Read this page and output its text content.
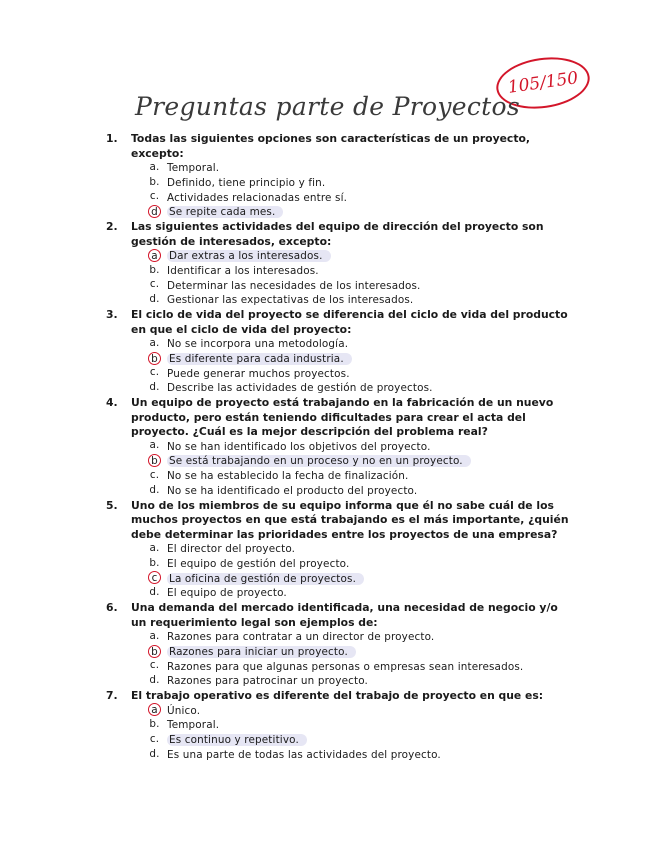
105/150
Preguntas parte de Proyectos
1. Todas las siguientes opciones son características de un proyecto, excepto:
a. Temporal.
b. Definido, tiene principio y fin.
c. Actividades relacionadas entre sí.
d Se repite cada mes.
2. Las siguientes actividades del equipo de dirección del proyecto son gestión de interesados, excepto:
a Dar extras a los interesados.
b. Identificar a los interesados.
c. Determinar las necesidades de los interesados.
d. Gestionar las expectativas de los interesados.
3. El ciclo de vida del proyecto se diferencia del ciclo de vida del producto en que el ciclo de vida del proyecto:
a. No se incorpora una metodología.
b Es diferente para cada industria.
c. Puede generar muchos proyectos.
d. Describe las actividades de gestión de proyectos.
4. Un equipo de proyecto está trabajando en la fabricación de un nuevo producto, pero están teniendo dificultades para crear el acta del proyecto. ¿Cuál es la mejor descripción del problema real?
a. No se han identificado los objetivos del proyecto.
b Se está trabajando en un proceso y no en un proyecto.
c. No se ha establecido la fecha de finalización.
d. No se ha identificado el producto del proyecto.
5. Uno de los miembros de su equipo informa que él no sabe cuál de los muchos proyectos en que está trabajando es el más importante, ¿quién debe determinar las prioridades entre los proyectos de una empresa?
a. El director del proyecto.
b. El equipo de gestión del proyecto.
c La oficina de gestión de proyectos.
d. El equipo de proyecto.
6. Una demanda del mercado identificada, una necesidad de negocio y/o un requerimiento legal son ejemplos de:
a. Razones para contratar a un director de proyecto.
b Razones para iniciar un proyecto.
c. Razones para que algunas personas o empresas sean interesados.
d. Razones para patrocinar un proyecto.
7. El trabajo operativo es diferente del trabajo de proyecto en que es:
a Único.
b. Temporal.
c. Es continuo y repetitivo.
d. Es una parte de todas las actividades del proyecto.
